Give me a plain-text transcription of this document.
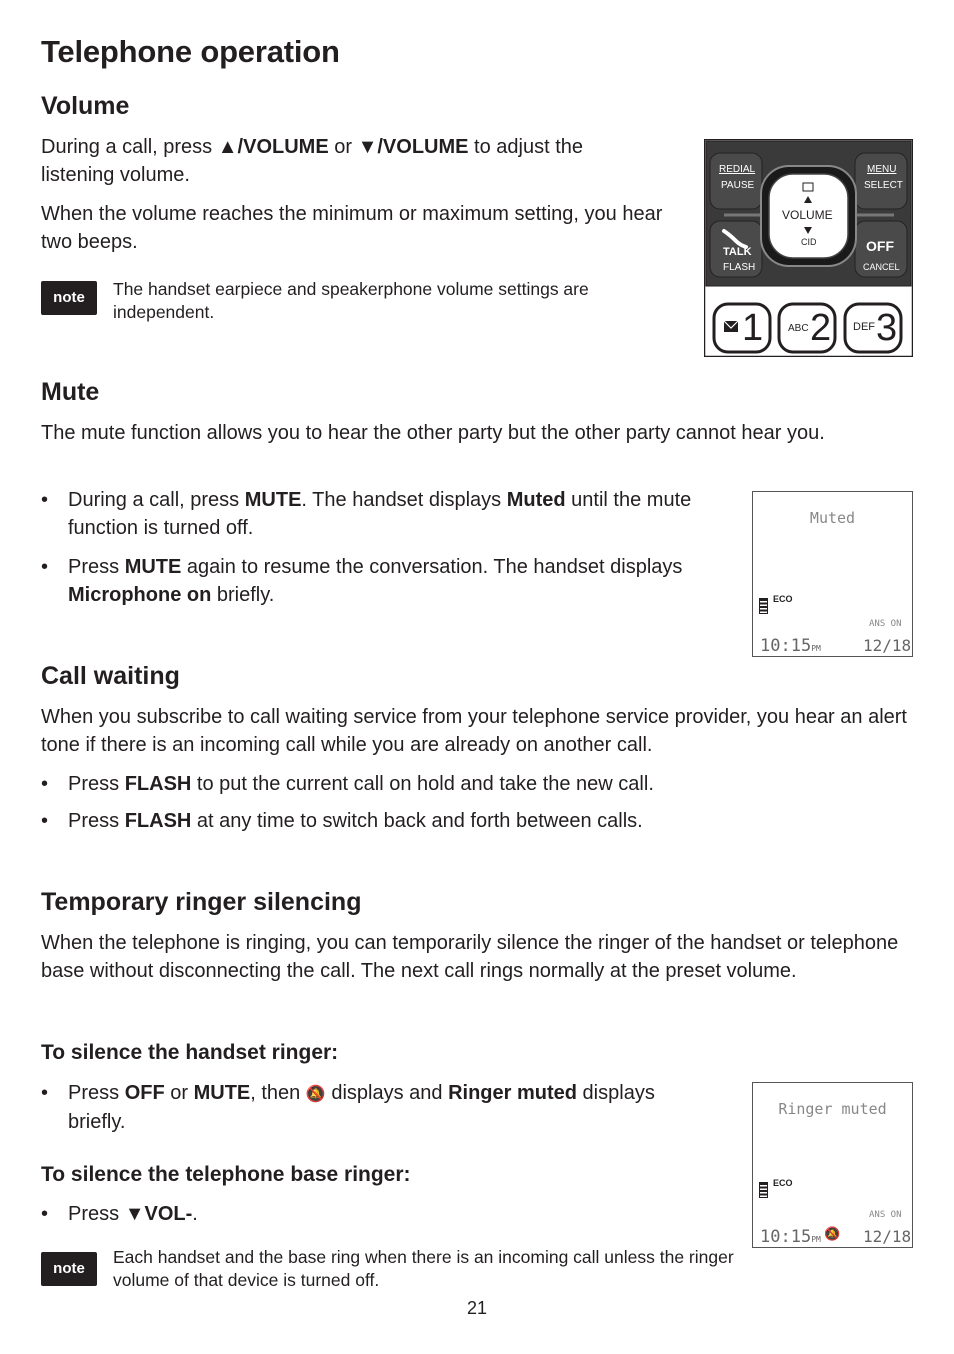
Telephone operation
Volume

During a call, press ▲/VOLUME or ▼/VOLUME to adjust the listening volume.

When the volume reaches the minimum or maximum setting, you hear two beeps.

note	The handset earpiece and speakerphone volume settings are independent.

REDIAL
PAUSE
MENU
SELECT
VOLUME
CID
TALK
FLASH
OFF
CANCEL
1 ABC 2 DEF 3
Mute

The mute function allows you to hear the other party but the other party cannot hear you.

• During a call, press MUTE. The handset displays Muted until the mute function is turned off.

• Press MUTE again to resume the conversation. The handset displays Microphone on briefly.

Muted
ECO
ANS ON
10:15PM	12/18
Call waiting

When you subscribe to call waiting service from your telephone service provider, you hear an alert tone if there is an incoming call while you are already on another call.

• Press FLASH to put the current call on hold and take the new call.

• Press FLASH at any time to switch back and forth between calls.

Temporary ringer silencing

When the telephone is ringing, you can temporarily silence the ringer of the handset or telephone base without disconnecting the call. The next call rings normally at the preset volume.

To silence the handset ringer:

• Press OFF or MUTE, then 🔕 displays and Ringer muted displays briefly.

To silence the telephone base ringer:

• Press ▼VOL-.

note

Each handset and the base ring when there is an incoming call unless the ringer volume of that device is turned off.

Ringer muted
ECO
ANS ON
10:15PM 🔕 12/18
21
